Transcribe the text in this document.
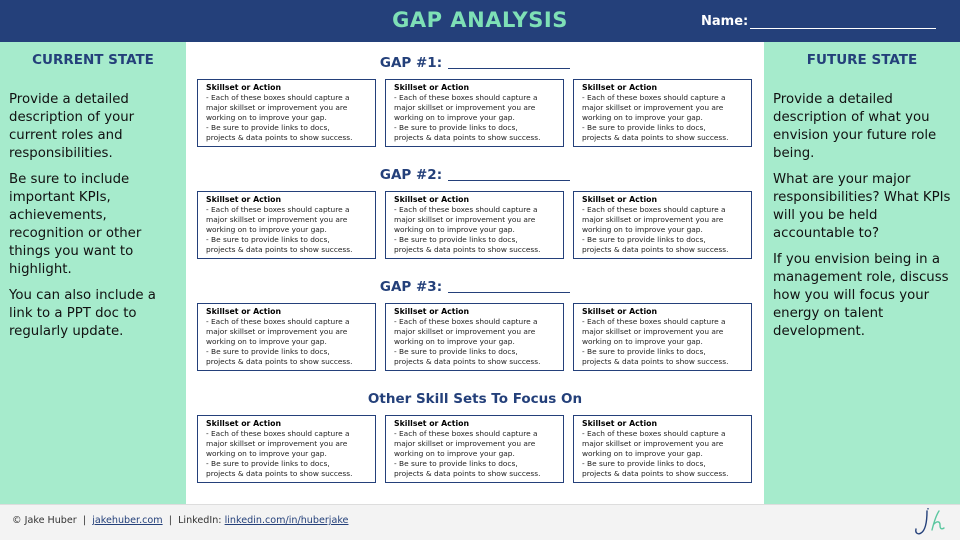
GAP ANALYSIS	Name:
CURRENT STATE

Provide a detailed description of your current roles and responsibilities.

Be sure to include important KPIs, achievements, recognition or other things you want to highlight.

You can also include a link to a PPT doc to regularly update.

FUTURE STATE

Provide a detailed description of what you envision your future role being.

What are your major responsibilities? What KPIs will you be held accountable to?

If you envision being in a management role, discuss how you will focus your energy on talent development.

GAP #1:
Skillset or Action
- Each of these boxes should capture a
major skillset or improvement you are
working on to improve your gap.
- Be sure to provide links to docs,
projects & data points to show success.
Skillset or Action
- Each of these boxes should capture a
major skillset or improvement you are
working on to improve your gap.
- Be sure to provide links to docs,
projects & data points to show success.
Skillset or Action
- Each of these boxes should capture a
major skillset or improvement you are
working on to improve your gap.
- Be sure to provide links to docs,
projects & data points to show success.
GAP #2:
Skillset or Action
- Each of these boxes should capture a
major skillset or improvement you are
working on to improve your gap.
- Be sure to provide links to docs,
projects & data points to show success.
Skillset or Action
- Each of these boxes should capture a
major skillset or improvement you are
working on to improve your gap.
- Be sure to provide links to docs,
projects & data points to show success.
Skillset or Action
- Each of these boxes should capture a
major skillset or improvement you are
working on to improve your gap.
- Be sure to provide links to docs,
projects & data points to show success.
GAP #3:
Skillset or Action
- Each of these boxes should capture a
major skillset or improvement you are
working on to improve your gap.
- Be sure to provide links to docs,
projects & data points to show success.
Skillset or Action
- Each of these boxes should capture a
major skillset or improvement you are
working on to improve your gap.
- Be sure to provide links to docs,
projects & data points to show success.
Skillset or Action
- Each of these boxes should capture a
major skillset or improvement you are
working on to improve your gap.
- Be sure to provide links to docs,
projects & data points to show success.
Other Skill Sets To Focus On
Skillset or Action
- Each of these boxes should capture a
major skillset or improvement you are
working on to improve your gap.
- Be sure to provide links to docs,
projects & data points to show success.
Skillset or Action
- Each of these boxes should capture a
major skillset or improvement you are
working on to improve your gap.
- Be sure to provide links to docs,
projects & data points to show success.
Skillset or Action
- Each of these boxes should capture a
major skillset or improvement you are
working on to improve your gap.
- Be sure to provide links to docs,
projects & data points to show success.
© Jake Huber | jakehuber.com | LinkedIn: linkedin.com/in/huberjake
